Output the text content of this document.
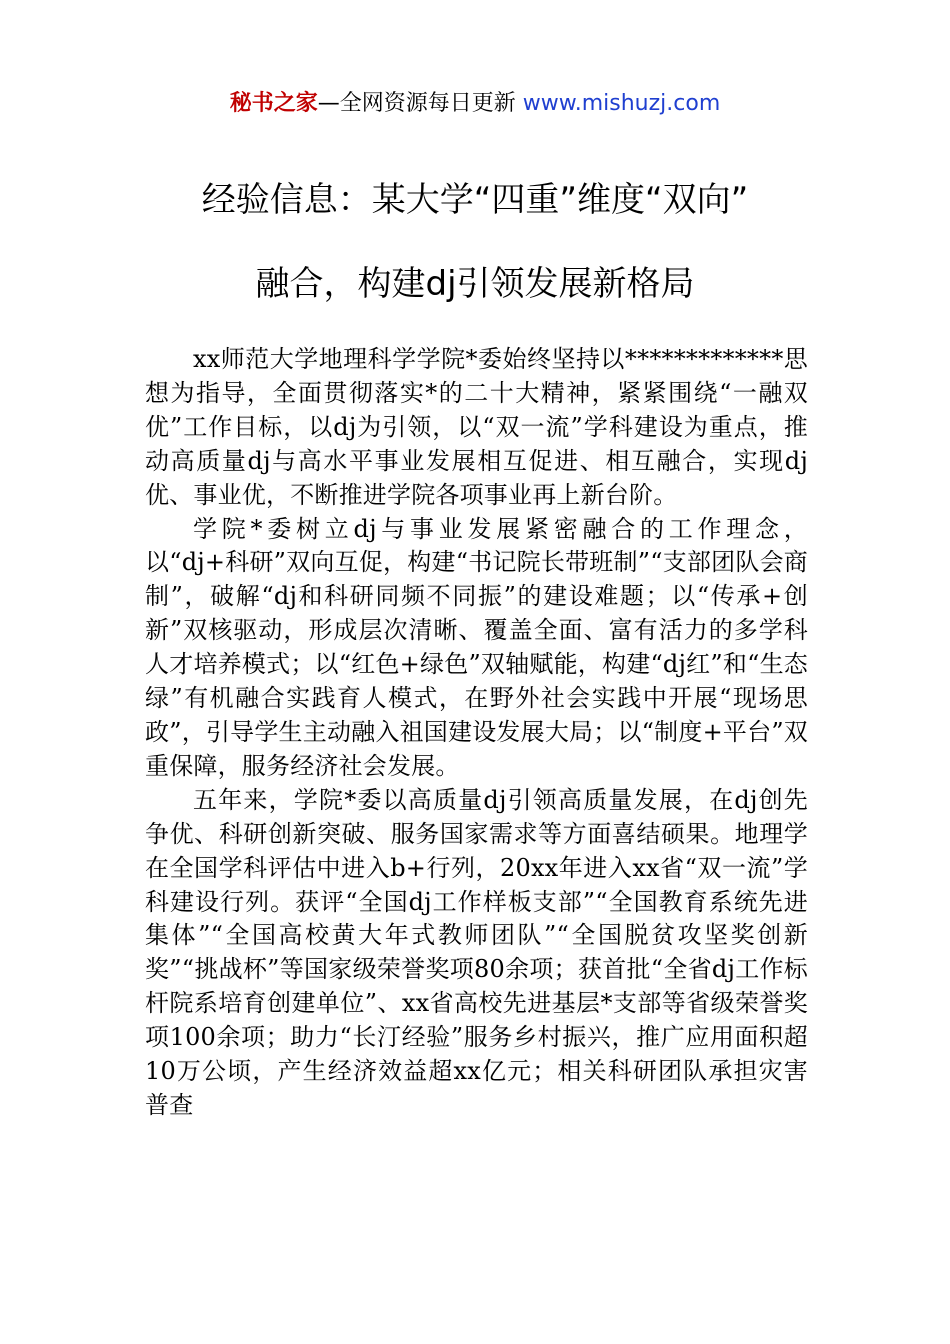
秘书之家—全网资源每日更新 www.mishuzj.com
经验信息：某大学“四重”维度“双向”
融合，构建dj引领发展新格局

xx师范大学地理科学学院*委始终坚持以*************思想为指导，全面贯彻落实*的二十大精神，紧紧围绕“一融双优”工作目标，以dj为引领，以“双一流”学科建设为重点，推动高质量dj与高水平事业发展相互促进、相互融合，实现dj优、事业优，不断推进学院各项事业再上新台阶。

学院*委树立dj与事业发展紧密融合的工作理念，以“dj+科研”双向互促，构建“书记院长带班制”“支部团队会商制”，破解“dj和科研同频不同振”的建设难题；以“传承+创新”双核驱动，形成层次清晰、覆盖全面、富有活力的多学科人才培养模式；以“红色+绿色”双轴赋能，构建“dj红”和“生态绿”有机融合实践育人模式，在野外社会实践中开展“现场思政”，引导学生主动融入祖国建设发展大局；以“制度+平台”双重保障，服务经济社会发展。

五年来，学院*委以高质量dj引领高质量发展，在dj创先争优、科研创新突破、服务国家需求等方面喜结硕果。地理学在全国学科评估中进入b+行列，20xx年进入xx省“双一流”学科建设行列。获评“全国dj工作样板支部”“全国教育系统先进集体”“全国高校黄大年式教师团队”“全国脱贫攻坚奖创新奖”“挑战杯”等国家级荣誉奖项80余项；获首批“全省dj工作标杆院系培育创建单位”、xx省高校先进基层*支部等省级荣誉奖项100余项；助力“长汀经验”服务乡村振兴，推广应用面积超10万公顷，产生经济效益超xx亿元；相关科研团队承担灾害普查
